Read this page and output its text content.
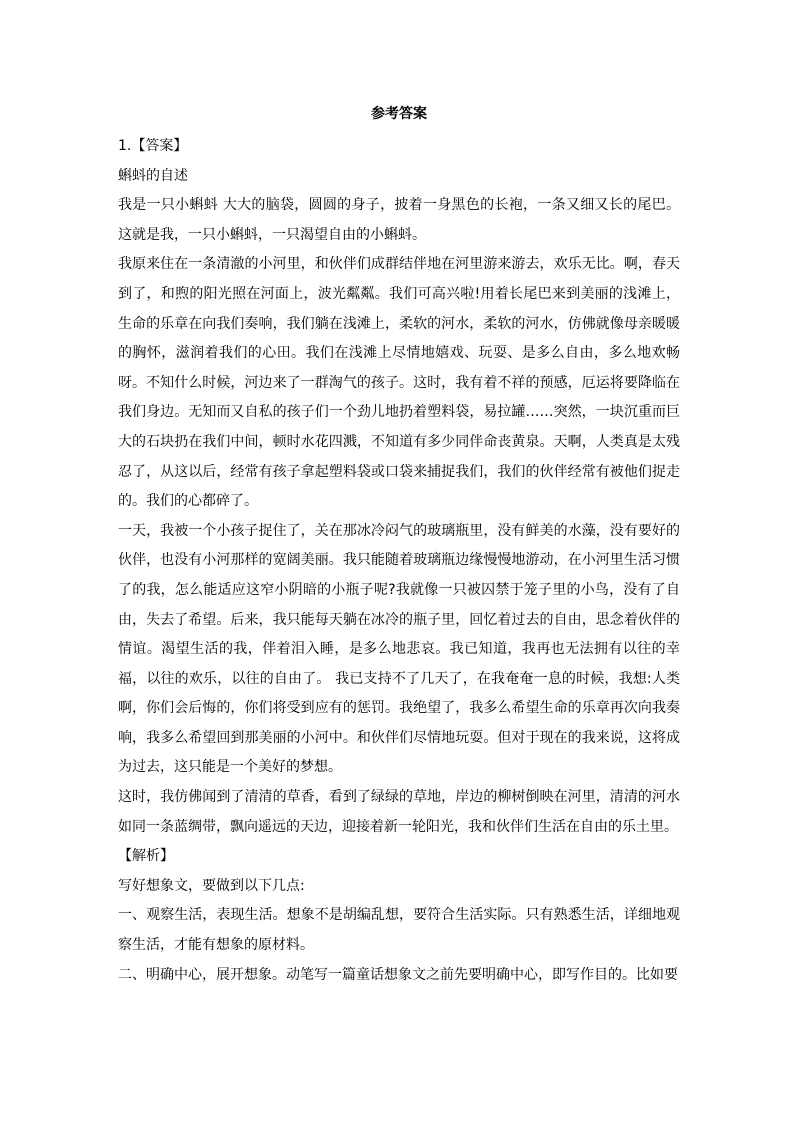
参考答案

1.【答案】

蝌蚪的自述

我是一只小蝌蚪 大大的脑袋，圆圆的身子，披着一身黑色的长袍，一条又细又长的尾巴。这就是我，一只小蝌蚪，一只渴望自由的小蝌蚪。

我原来住在一条清澈的小河里，和伙伴们成群结伴地在河里游来游去，欢乐无比。啊，春天到了，和煦的阳光照在河面上，波光粼粼。我们可高兴啦!用着长尾巴来到美丽的浅滩上，生命的乐章在向我们奏响，我们躺在浅滩上，柔软的河水，柔软的河水，仿佛就像母亲暖暖的胸怀，滋润着我们的心田。我们在浅滩上尽情地嬉戏、玩耍、是多么自由，多么地欢畅呀。不知什么时候，河边来了一群淘气的孩子。这时，我有着不祥的预感，厄运将要降临在我们身边。无知而又自私的孩子们一个劲儿地扔着塑料袋，易拉罐……突然，一块沉重而巨大的石块扔在我们中间，顿时水花四溅，不知道有多少同伴命丧黄泉。天啊，人类真是太残忍了，从这以后，经常有孩子拿起塑料袋或口袋来捕捉我们，我们的伙伴经常有被他们捉走的。我们的心都碎了。

一天，我被一个小孩子捉住了，关在那冰冷闷气的玻璃瓶里，没有鲜美的水藻，没有要好的伙伴，也没有小河那样的宽阔美丽。我只能随着玻璃瓶边缘慢慢地游动，在小河里生活习惯了的我，怎么能适应这窄小阴暗的小瓶子呢?我就像一只被囚禁于笼子里的小鸟，没有了自由，失去了希望。后来，我只能每天躺在冰冷的瓶子里，回忆着过去的自由，思念着伙伴的情谊。渴望生活的我，伴着泪入睡，是多么地悲哀。我已知道，我再也无法拥有以往的幸福，以往的欢乐，以往的自由了。 我已支持不了几天了，在我奄奄一息的时候，我想:人类啊，你们会后悔的，你们将受到应有的惩罚。我绝望了，我多么希望生命的乐章再次向我奏响，我多么希望回到那美丽的小河中。和伙伴们尽情地玩耍。但对于现在的我来说，这将成为过去，这只能是一个美好的梦想。

这时，我仿佛闻到了清清的草香，看到了绿绿的草地，岸边的柳树倒映在河里，清清的河水如同一条蓝绸带，飘向遥远的天边，迎接着新一轮阳光，我和伙伴们生活在自由的乐土里。

【解析】

写好想象文，要做到以下几点:

一、观察生活，表现生活。想象不是胡编乱想，要符合生活实际。只有熟悉生活，详细地观察生活，才能有想象的原材料。

二、明确中心，展开想象。动笔写一篇童话想象文之前先要明确中心，即写作目的。比如要
